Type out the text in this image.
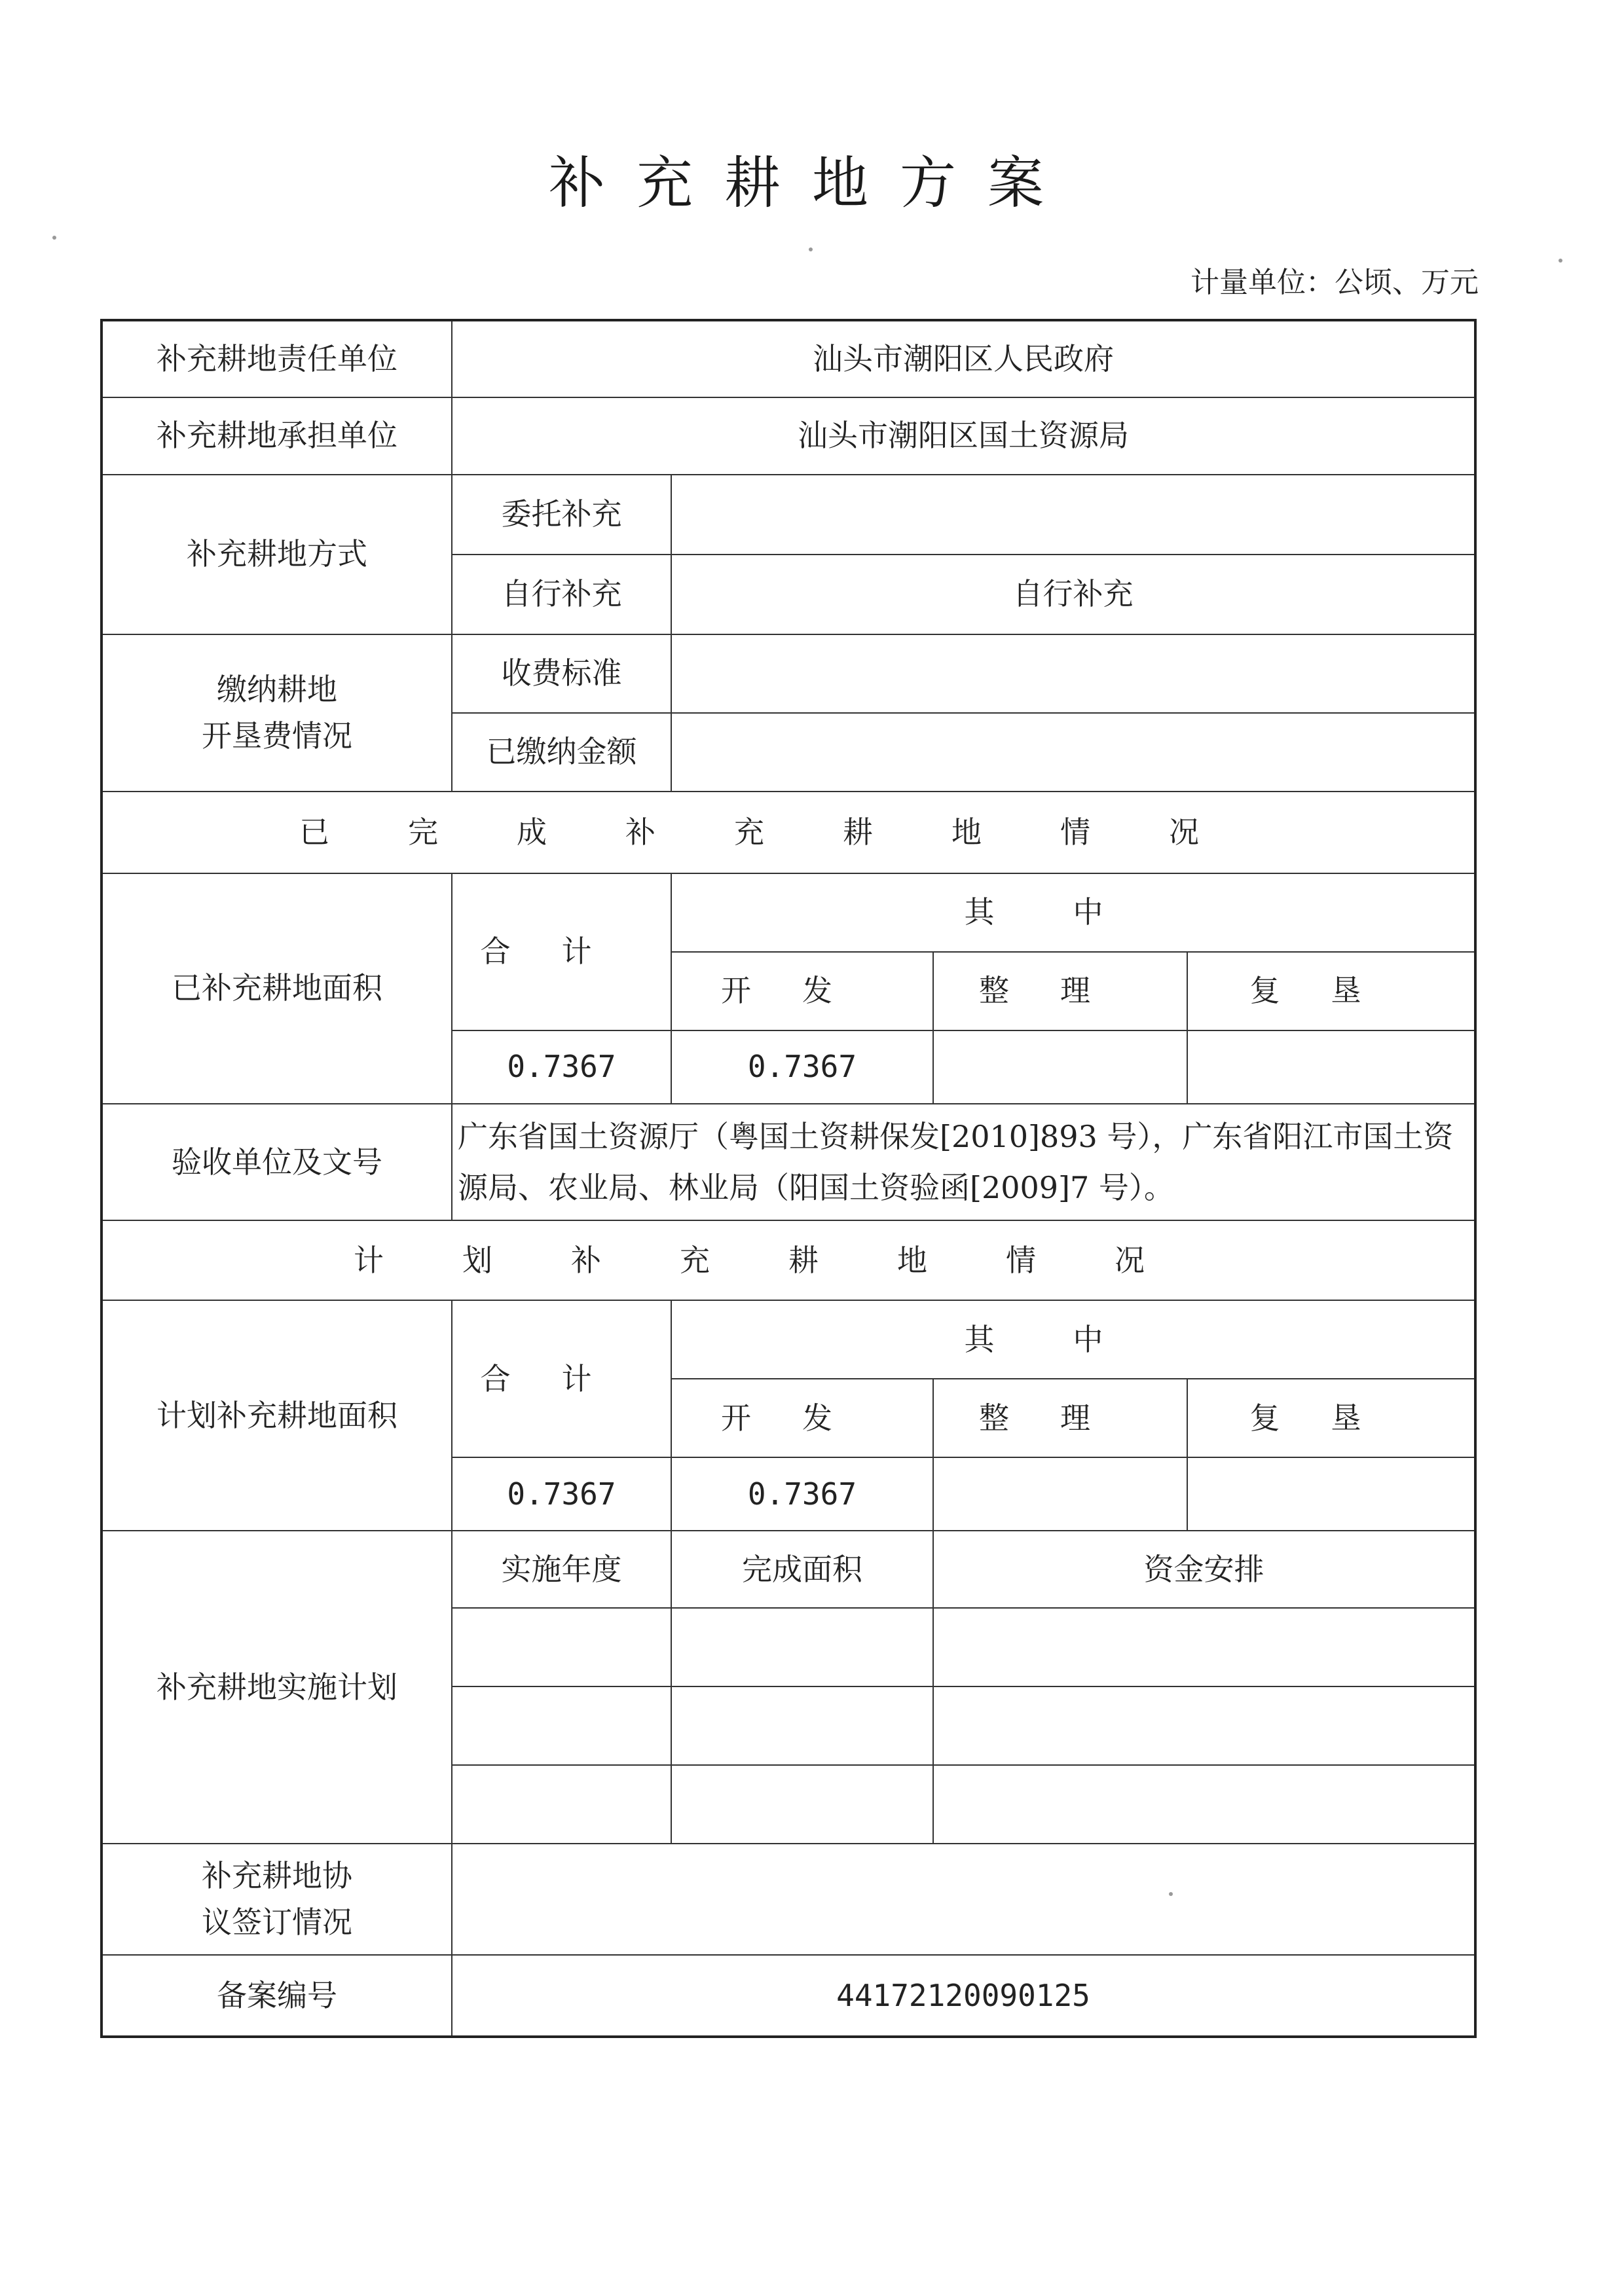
补充耕地方案
计量单位：公顷、万元
补充耕地责任单位	汕头市潮阳区人民政府			
补充耕地承担单位	汕头市潮阳区国土资源局			
补充耕地方式	委托补充			
	自行补充	自行补充		

缴纳耕地
开垦费情况	收费标准			
	已缴纳金额			
已完成补充耕地情况				
已补充耕地面积	合计	其中		
		开发	整理	复垦
	0.7367	0.7367		
验收单位及文号	广东省国土资源厅（粤国土资耕保发[2010]893 号），广东省阳江市国土资源局、农业局、林业局（阳国土资验函[2009]7 号）。			
计划补充耕地情况				
计划补充耕地面积	合计	其中		
		开发	整理	复垦
	0.7367	0.7367		
补充耕地实施计划	实施年度	完成面积	资金安排	

补充耕地协
议签订情况				

备案编号	44172120090125			
